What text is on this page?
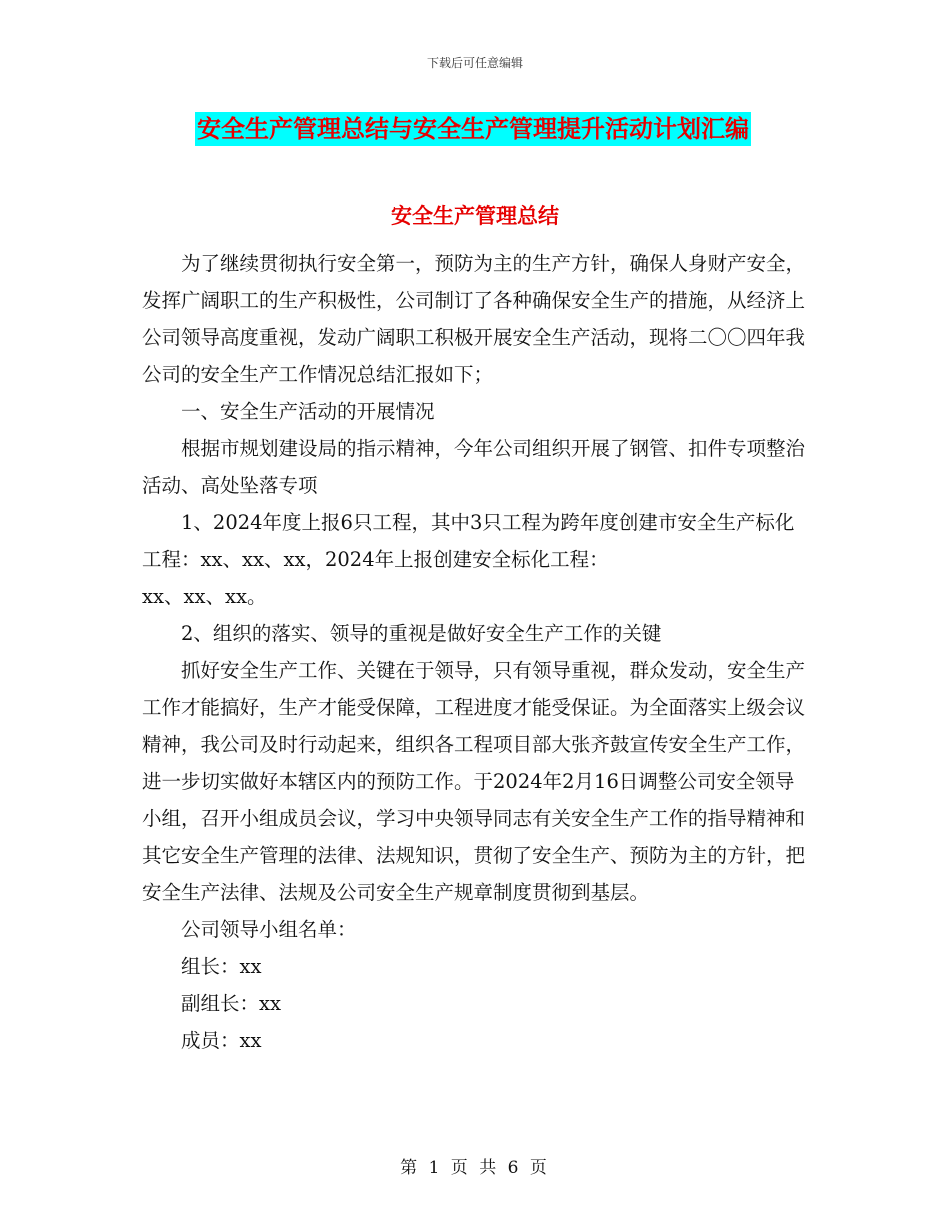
下载后可任意编辑
安全生产管理总结与安全生产管理提升活动计划汇编
安全生产管理总结

为了继续贯彻执行安全第一，预防为主的生产方针，确保人身财产安全，发挥广阔职工的生产积极性，公司制订了各种确保安全生产的措施，从经济上公司领导高度重视，发动广阔职工积极开展安全生产活动，现将二〇〇四年我公司的安全生产工作情况总结汇报如下；

一、安全生产活动的开展情况

根据市规划建设局的指示精神，今年公司组织开展了钢管、扣件专项整治活动、高处坠落专项

1、2024年度上报6只工程，其中3只工程为跨年度创建市安全生产标化工程：xx、xx、xx，2024年上报创建安全标化工程：

xx、xx、xx。

2、组织的落实、领导的重视是做好安全生产工作的关键

抓好安全生产工作、关键在于领导，只有领导重视，群众发动，安全生产工作才能搞好，生产才能受保障，工程进度才能受保证。为全面落实上级会议精神，我公司及时行动起来，组织各工程项目部大张齐鼓宣传安全生产工作，进一步切实做好本辖区内的预防工作。于2024年2月16日调整公司安全领导小组，召开小组成员会议，学习中央领导同志有关安全生产工作的指导精神和其它安全生产管理的法律、法规知识，贯彻了安全生产、预防为主的方针，把安全生产法律、法规及公司安全生产规章制度贯彻到基层。

公司领导小组名单：

组长：xx

副组长：xx

成员：xx

第 1 页 共 6 页
